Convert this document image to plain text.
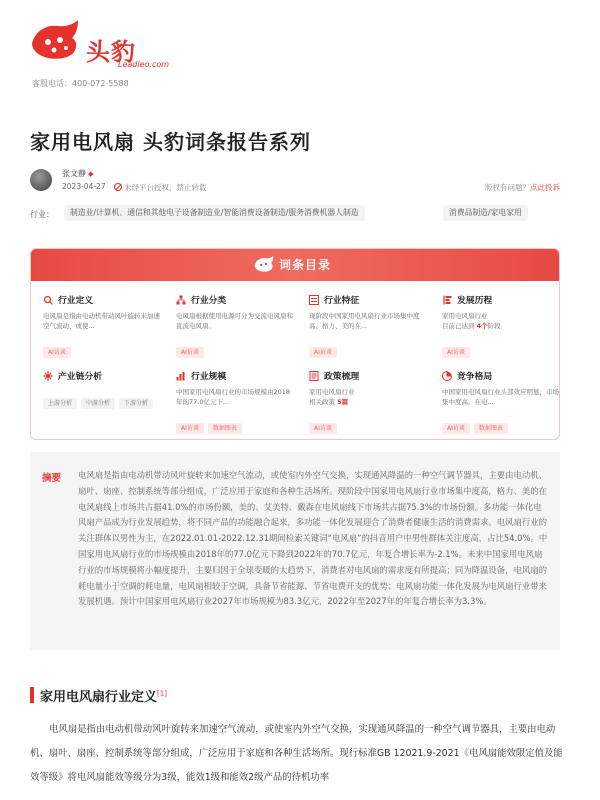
头豹
Leadleo.com
客服电话：400-072-5588
家用电风扇 头豹词条报告系列
张文静 ◆
2023-04-27	未经平台授权，禁止转载	版权有问题？点此投诉
行业：	制造业/计算机、通信和其他电子设备制造业/智能消费设备制造/服务消费机器人制造	消费品制造/家电家用
词条目录
行业定义
电风扇是指由电动机带动风叶旋转来加速空气流动、或使...
AI访谈
行业分类
电风扇根据使用电源可分为交流电风扇和直流电风扇。
AI访谈
行业特征
现阶段中国家用电风扇行业市场集中度高、格力、美的在...
AI访谈
发展历程
家用电风扇行业
目前已达到 4个阶段
AI访谈
产业链分析
上游分析 中游分析 下游分析
行业规模
中国家用电风扇行业的市场规模由2018年的77.0亿元下...
AI访谈 数据图表
政策梳理
家用电风扇行业
相关政策 5篇
AI访谈
竞争格局
中国家用电风扇行业头部效应明显，市场集中度高。在电...
AI访谈 数据图表
摘要 电风扇是指由电动机带动风叶旋转来加速空气流动，或使室内外空气交换，实现通风降温的一种空气调节器具，主要由电动机、扇叶、扇座、控制系统等部分组成，广泛应用于家庭和各种生活场所。现阶段中国家用电风扇行业市场集中度高，格力、美的在电风扇线上市场共占据41.0%的市场份额，美的、艾美特、戴森在电风扇线下市场共占据75.3%的市场份额。多功能一体化电风扇产品成为行业发展趋势，将不同产品的功能融合起来，多功能一体化发展迎合了消费者健康生活的消费需求。电风扇行业的关注群体以男性为主，在2022.01.01-2022.12.31期间检索关键词“电风扇”的抖音用户中男性群体关注度高，占比54.0%。中国家用电风扇行业的市场规模由2018年的77.0亿元下降到2022年的70.7亿元，年复合增长率为-2.1%。未来中国家用电风扇行业的市场规模将小幅度提升，主要归因于全球变暖的大趋势下，消费者对电风扇的需求度有所提高；同为降温设备，电风扇的耗电量小于空调的耗电量，电风扇相较于空调，具备节省能源、节省电费开支的优势；电风扇功能一体化发展为电风扇行业带来发展机遇。预计中国家用电风扇行业2027年市场规模为83.3亿元，2022年至2027年的年复合增长率为3.3%。
家用电风扇行业定义[1]
电风扇是指由电动机带动风叶旋转来加速空气流动，或使室内外空气交换，实现通风降温的一种空气调节器具，主要由电动机、扇叶、扇座、控制系统等部分组成，广泛应用于家庭和各种生活场所。现行标准GB 12021.9-2021《电风扇能效限定值及能效等级》将电风扇能效等级分为3级，能效1级和能效2级产品的待机功率
